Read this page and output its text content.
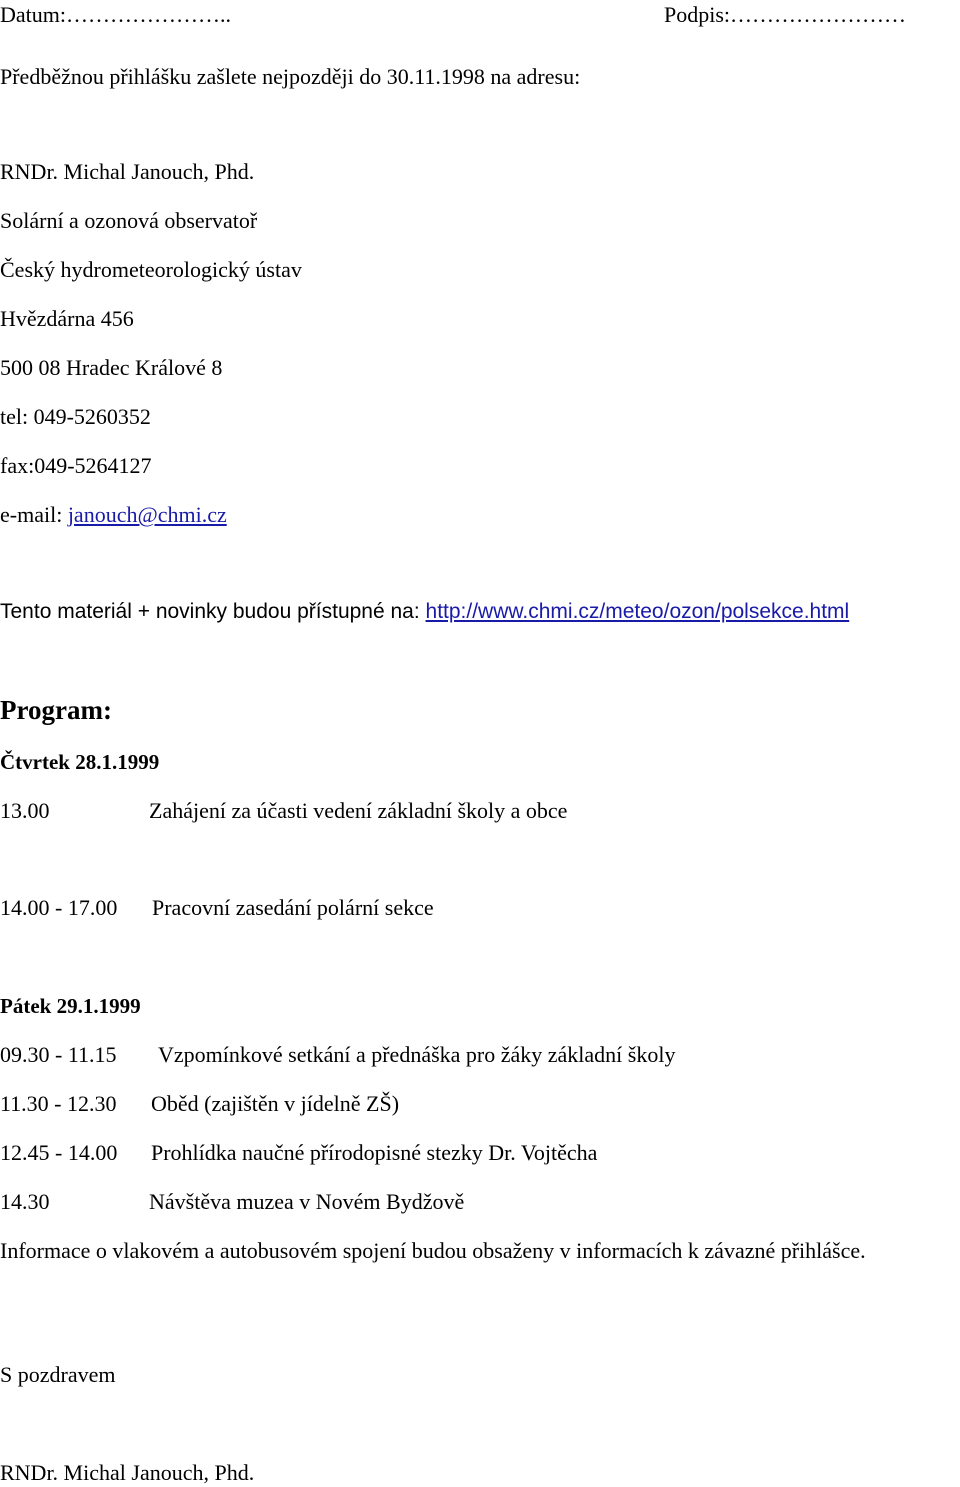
Datum:…………………..	Podpis:……………………
Předběžnou přihlášku zašlete nejpozději do 30.11.1998 na adresu:
RNDr. Michal Janouch, Phd.
Solární a ozonová observatoř
Český hydrometeorologický ústav
Hvězdárna 456
500 08 Hradec Králové 8
tel: 049-5260352
fax:049-5264127
e-mail: janouch@chmi.cz
Tento materiál + novinky budou přístupné na: http://www.chmi.cz/meteo/ozon/polsekce.html
Program:
Čtvrtek 28.1.1999
13.00	Zahájení za účasti vedení základní školy a obce
14.00 - 17.00 Pracovní zasedání polární sekce
Pátek 29.1.1999
09.30 - 11.15 Vzpomínkové setkání a přednáška pro žáky základní školy
11.30 - 12.30 Oběd (zajištěn v jídelně ZŠ)
12.45 - 14.00 Prohlídka naučné přírodopisné stezky Dr. Vojtěcha
14.30	Návštěva muzea v Novém Bydžově
Informace o vlakovém a autobusovém spojení budou obsaženy v informacích k závazné přihlášce.
S pozdravem
RNDr. Michal Janouch, Phd.
